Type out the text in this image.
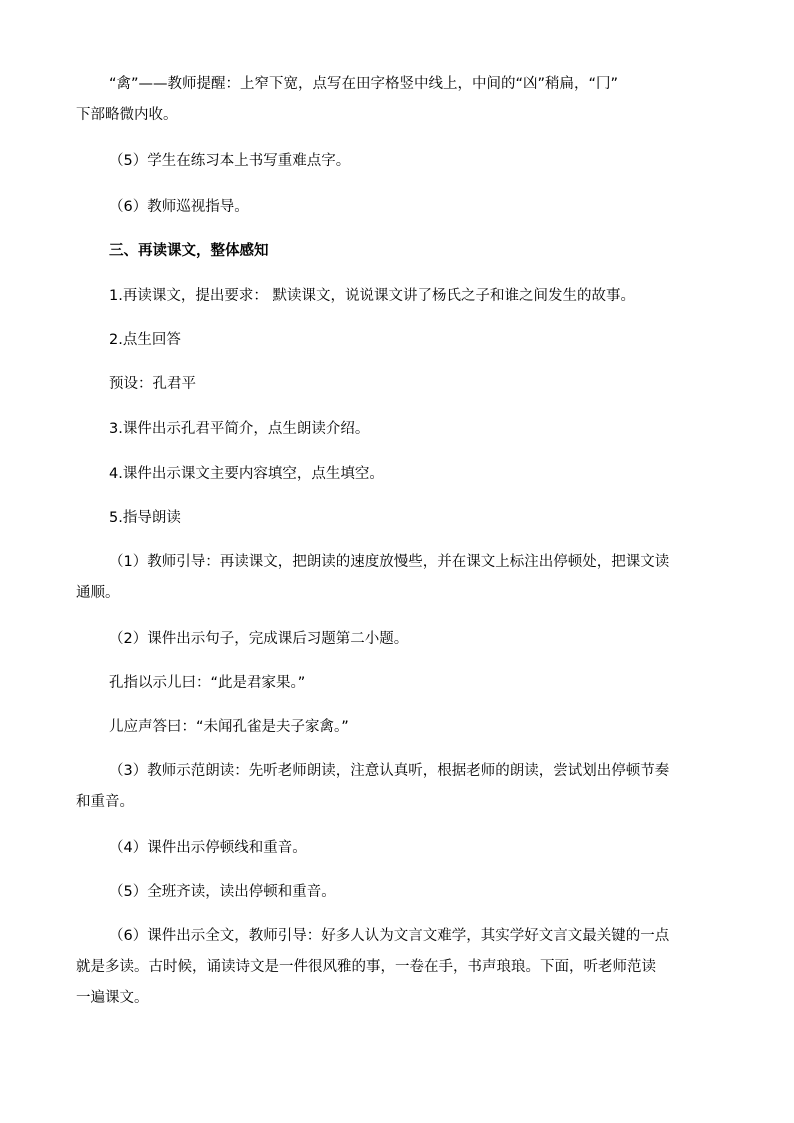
“禽”——教师提醒：上窄下宽，点写在田字格竖中线上，中间的“凶”稍扁，“冂”
下部略微内收。

（5）学生在练习本上书写重难点字。

（6）教师巡视指导。

三、再读课文，整体感知

1.再读课文，提出要求： 默读课文，说说课文讲了杨氏之子和谁之间发生的故事。

2.点生回答

预设：孔君平

3.课件出示孔君平简介，点生朗读介绍。

4.课件出示课文主要内容填空，点生填空。

5.指导朗读

（1）教师引导：再读课文，把朗读的速度放慢些，并在课文上标注出停顿处，把课文读
通顺。

（2）课件出示句子，完成课后习题第二小题。

孔指以示儿曰：“此是君家果。”

儿应声答曰：“未闻孔雀是夫子家禽。”

（3）教师示范朗读：先听老师朗读，注意认真听，根据老师的朗读，尝试划出停顿节奏
和重音。

（4）课件出示停顿线和重音。

（5）全班齐读，读出停顿和重音。

（6）课件出示全文，教师引导：好多人认为文言文难学，其实学好文言文最关键的一点
就是多读。古时候，诵读诗文是一件很风雅的事，一卷在手，书声琅琅。下面，听老师范读
一遍课文。
